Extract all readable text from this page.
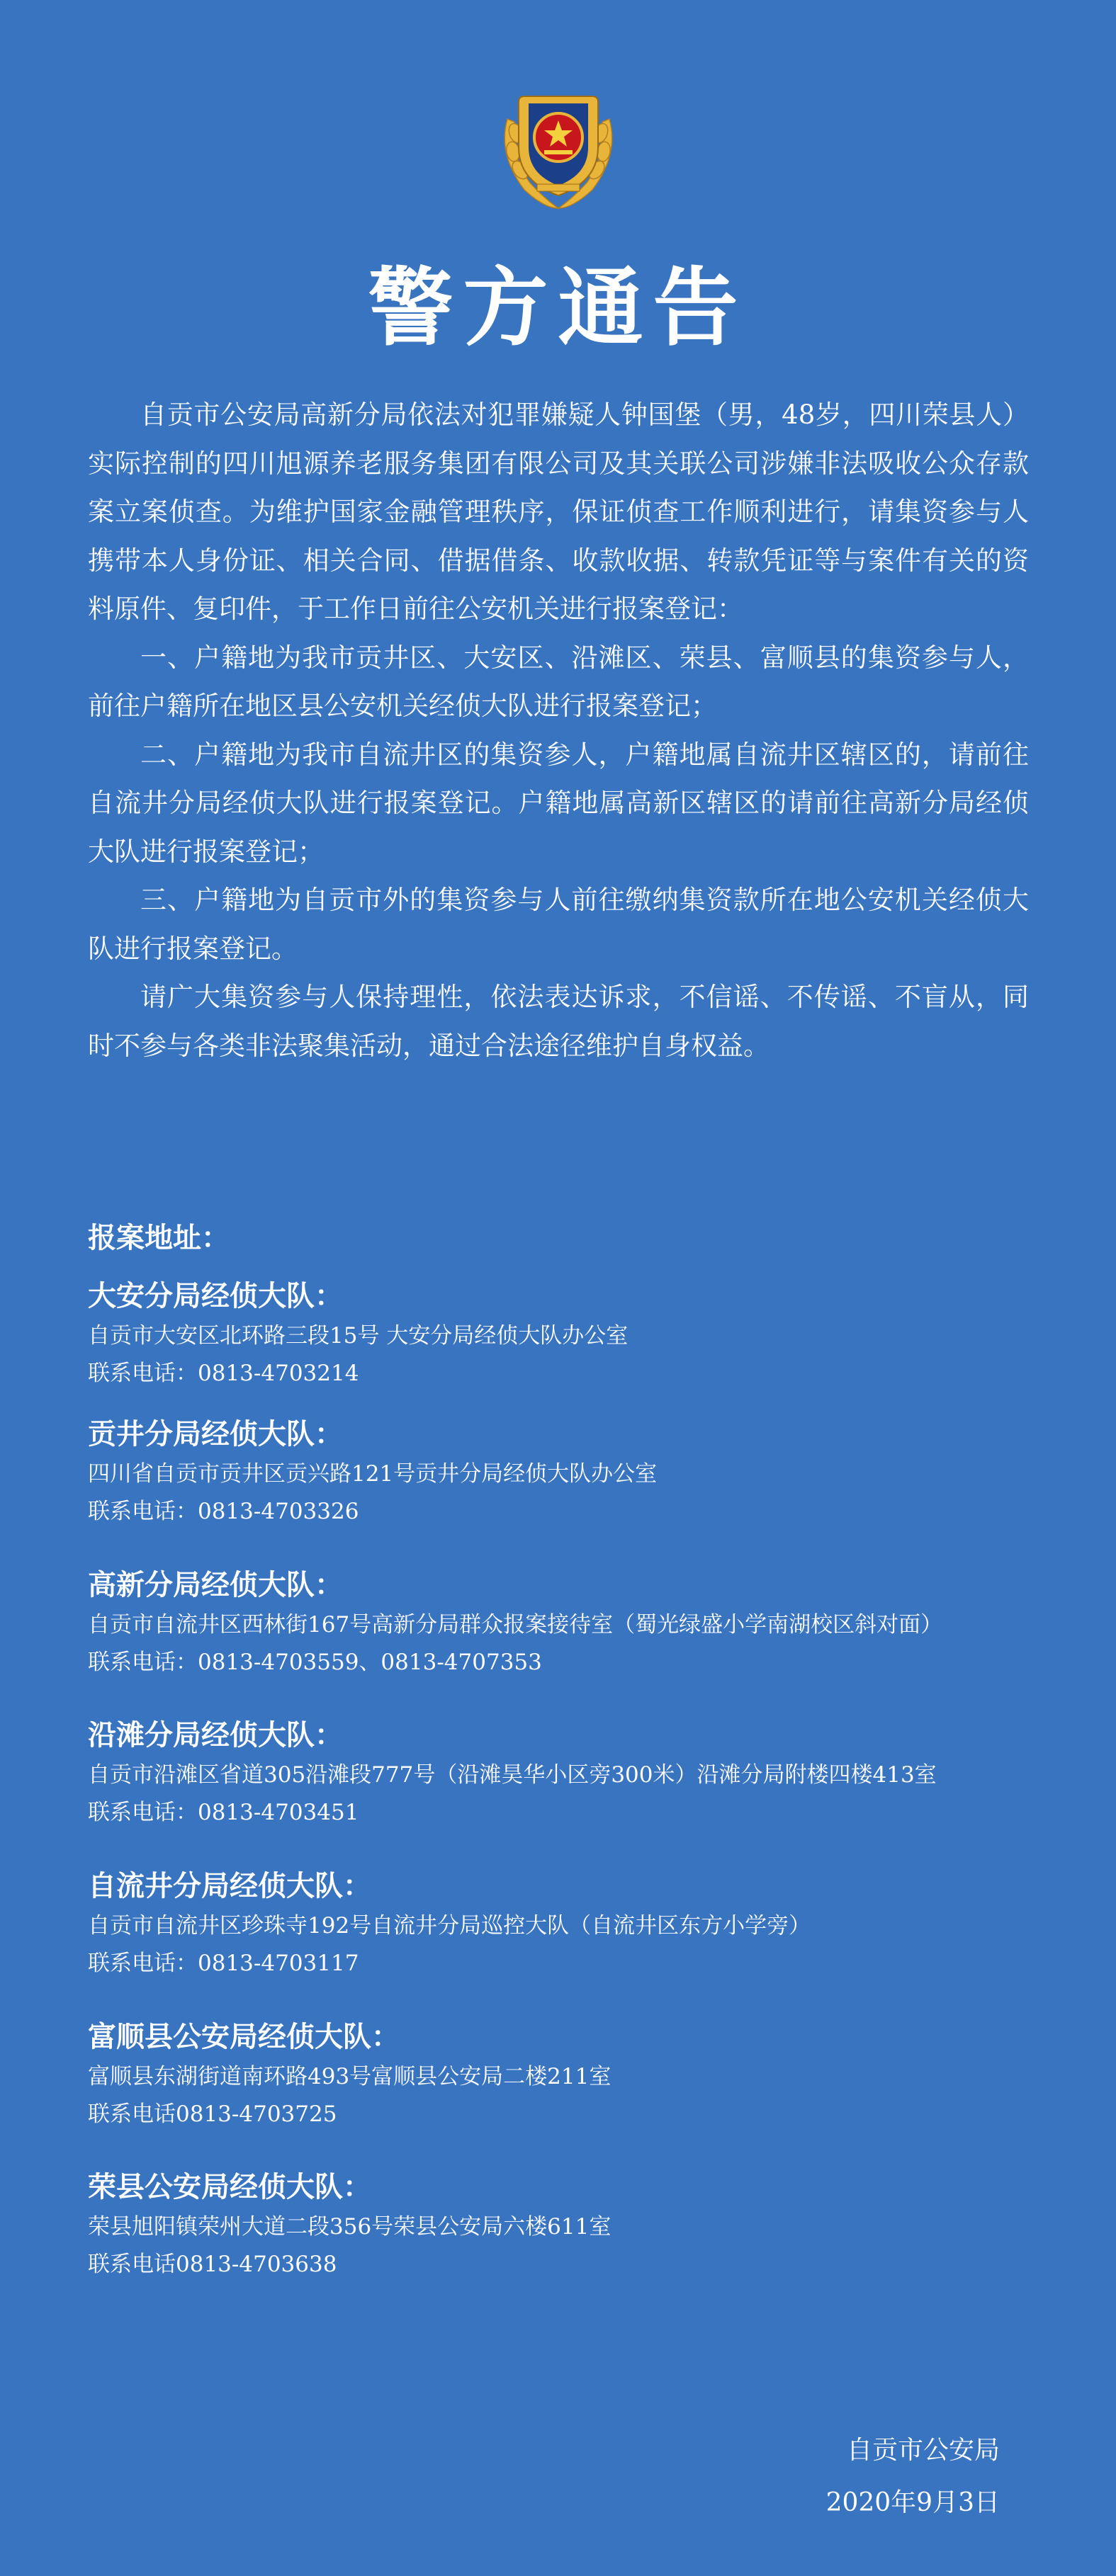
警方通告

自贡市公安局高新分局依法对犯罪嫌疑人钟国堡（男，48岁，四川荣县人）实际控制的四川旭源养老服务集团有限公司及其关联公司涉嫌非法吸收公众存款案立案侦查。为维护国家金融管理秩序，保证侦查工作顺利进行，请集资参与人携带本人身份证、相关合同、借据借条、收款收据、转款凭证等与案件有关的资料原件、复印件，于工作日前往公安机关进行报案登记：

一、户籍地为我市贡井区、大安区、沿滩区、荣县、富顺县的集资参与人，前往户籍所在地区县公安机关经侦大队进行报案登记；

二、户籍地为我市自流井区的集资参人，户籍地属自流井区辖区的，请前往自流井分局经侦大队进行报案登记。户籍地属高新区辖区的请前往高新分局经侦大队进行报案登记；

三、户籍地为自贡市外的集资参与人前往缴纳集资款所在地公安机关经侦大队进行报案登记。

请广大集资参与人保持理性，依法表达诉求，不信谣、不传谣、不盲从，同时不参与各类非法聚集活动，通过合法途径维护自身权益。

报案地址：
大安分局经侦大队：
自贡市大安区北环路三段15号 大安分局经侦大队办公室
联系电话：0813-4703214
贡井分局经侦大队：
四川省自贡市贡井区贡兴路121号贡井分局经侦大队办公室
联系电话：0813-4703326
高新分局经侦大队：
自贡市自流井区西林街167号高新分局群众报案接待室（蜀光绿盛小学南湖校区斜对面）
联系电话：0813-4703559、0813-4707353
沿滩分局经侦大队：
自贡市沿滩区省道305沿滩段777号（沿滩昊华小区旁300米）沿滩分局附楼四楼413室
联系电话：0813-4703451
自流井分局经侦大队：
自贡市自流井区珍珠寺192号自流井分局巡控大队（自流井区东方小学旁）
联系电话：0813-4703117
富顺县公安局经侦大队：
富顺县东湖街道南环路493号富顺县公安局二楼211室
联系电话0813-4703725
荣县公安局经侦大队：
荣县旭阳镇荣州大道二段356号荣县公安局六楼611室
联系电话0813-4703638
自贡市公安局
2020年9月3日
